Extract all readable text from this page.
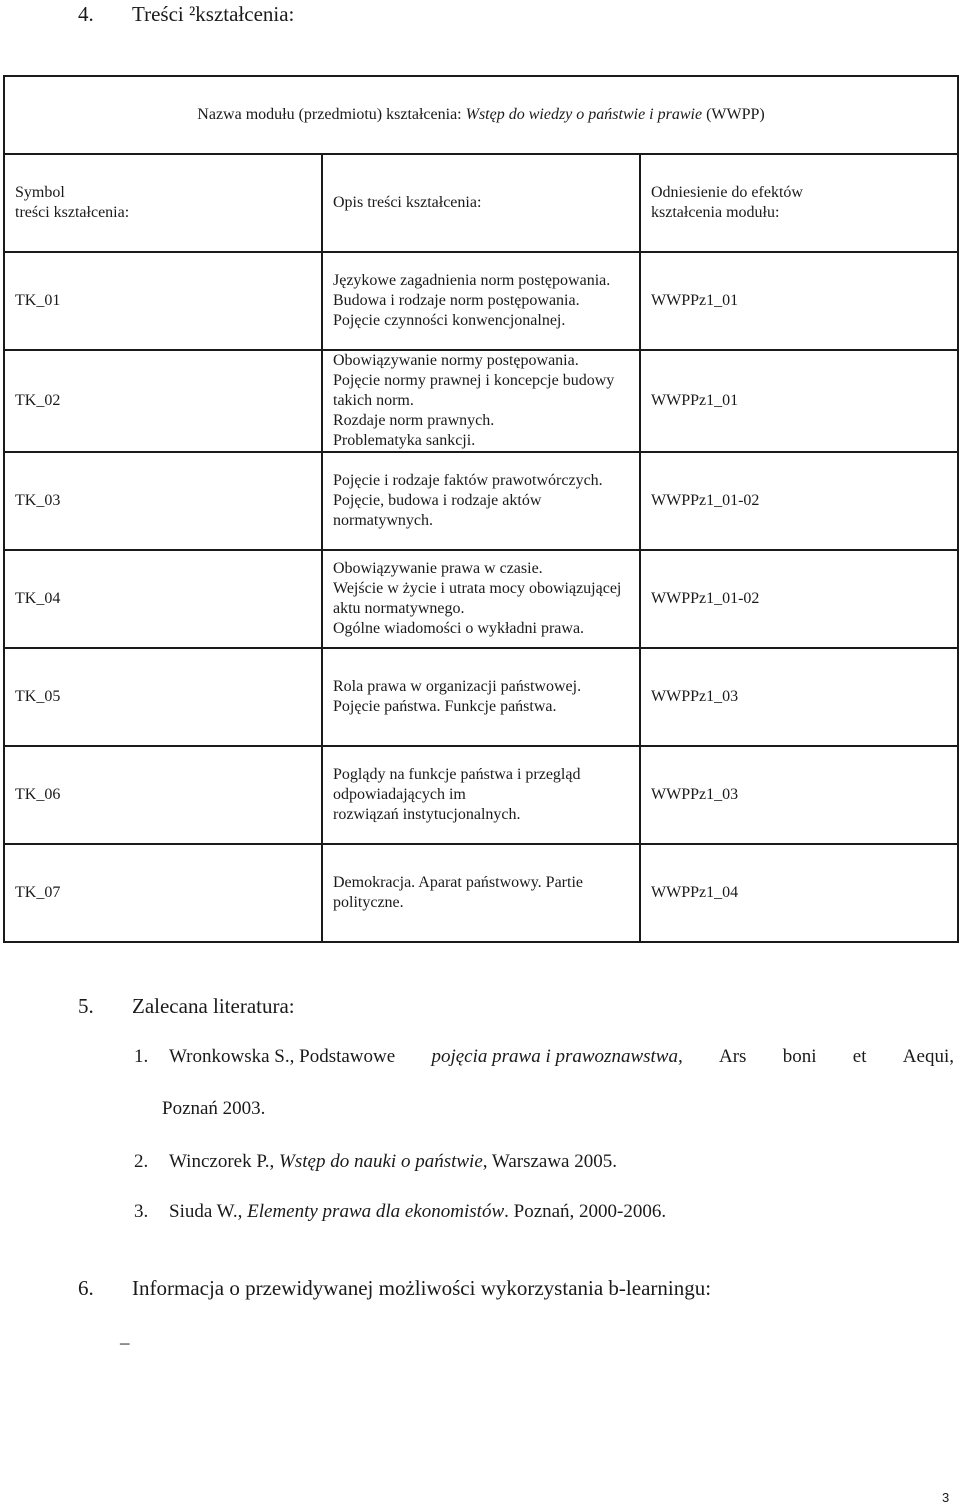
4. Treści ²kształcenia:
Nazwa modułu (przedmiotu) kształcenia: Wstęp do wiedzy o państwie i prawie (WWPP)		

Symbol
treści kształcenia:	Opis treści kształcenia:	Odniesienie do efektów
kształcenia modułu:

TK_01	Językowe zagadnienia norm postępowania.
Budowa i rodzaje norm postępowania.
Pojęcie czynności konwencjonalnej.	WWPPz1_01
TK_02	Obowiązywanie normy postępowania.
Pojęcie normy prawnej i koncepcje budowy takich norm.
Rozdaje norm prawnych.
Problematyka sankcji.	WWPPz1_01
TK_03	Pojęcie i rodzaje faktów prawotwórczych.
Pojęcie, budowa i rodzaje aktów normatywnych.	WWPPz1_01-02
TK_04	Obowiązywanie prawa w czasie.
Wejście w życie i utrata mocy obowiązującej aktu normatywnego.
Ogólne wiadomości o wykładni prawa.	WWPPz1_01-02
TK_05	Rola prawa w organizacji państwowej.
Pojęcie państwa. Funkcje państwa.	WWPPz1_03
TK_06	Poglądy na funkcje państwa i przegląd odpowiadających im
rozwiązań instytucjonalnych.	WWPPz1_03
TK_07	Demokracja. Aparat państwowy. Partie polityczne.	WWPPz1_04
1. Wronkowska S., Podstawowe pojęcia prawa i prawoznawstwa, Ars boni et Aequi,
Poznań 2003.
2. Winczorek P., Wstęp do nauki o państwie, Warszawa 2005.
3. Siuda W., Elementy prawa dla ekonomistów. Poznań, 2000-2006.
5. Zalecana literatura:
6. Informacja o przewidywanej możliwości wykorzystania b-learningu:
_
3
